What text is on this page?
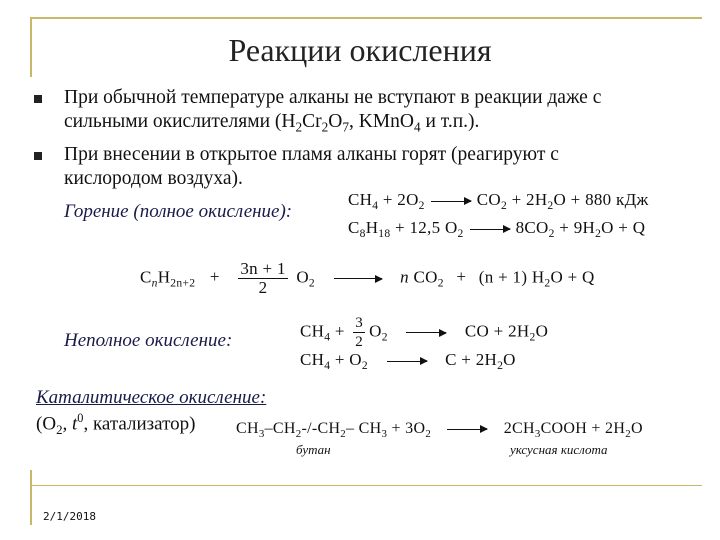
Реакции окисления
При обычной температуре алканы не вступают в реакции даже с
сильными окислителями ($H_2Cr_2O_7$, KMnO$_4$ и т.п.).
При внесении в открытое пламя алканы горят (реагируют с
кислородом воздуха).
Горение (полное окисление):
$CH_4 + 2O_2 \to CO_2 + 2H_2O + 880$ кДж
$C_8H_{18} + 12,5$ $O_2 \to 8CO_2 + 9H_2O + Q$
$C_nH_{2n+2} + \frac{3n + 1}{2} O_2 \to n$ $CO_2 + (n + 1) H_2O + Q$
Неполное окисление:	$CH_4 + \frac{3}{2} O_2$ → CO + $2H_2O$
$CH_4 + O_2 \to C + 2H_2O$
Каталитическое окисление:
($O_2$, $t^0$, катализатор)	$CH_3-CH_2-/-CH_2-$ $CH_3 + 3O_2$ → $2CH_3COOH + 2H_2O$
бутан	уксусная кислота
2/1/2018
